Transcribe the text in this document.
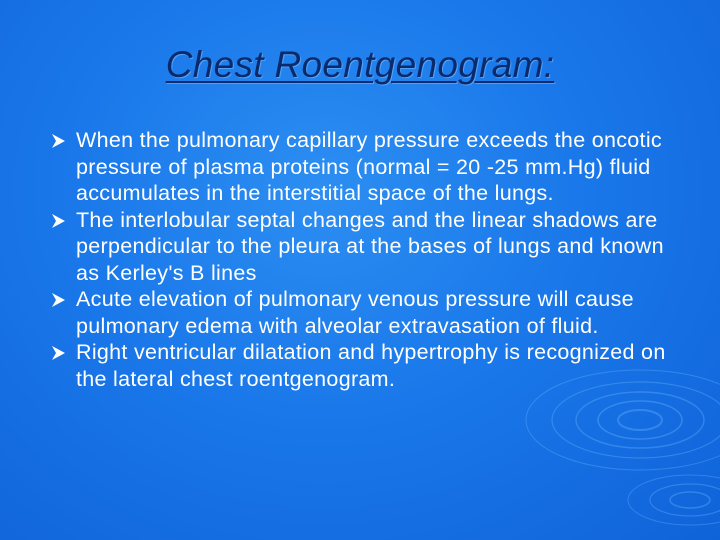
Chest Roentgenogram:
When the pulmonary capillary pressure exceeds the oncotic pressure of plasma proteins (normal = 20 -25 mm.Hg) fluid accumulates in the interstitial space of the lungs.
The interlobular septal changes and the linear shadows are perpendicular to the pleura at the bases of lungs and known as Kerley's B lines
Acute elevation of pulmonary venous pressure will cause pulmonary edema with alveolar extravasation of fluid.
Right ventricular dilatation and hypertrophy is recognized on the lateral chest roentgenogram.
